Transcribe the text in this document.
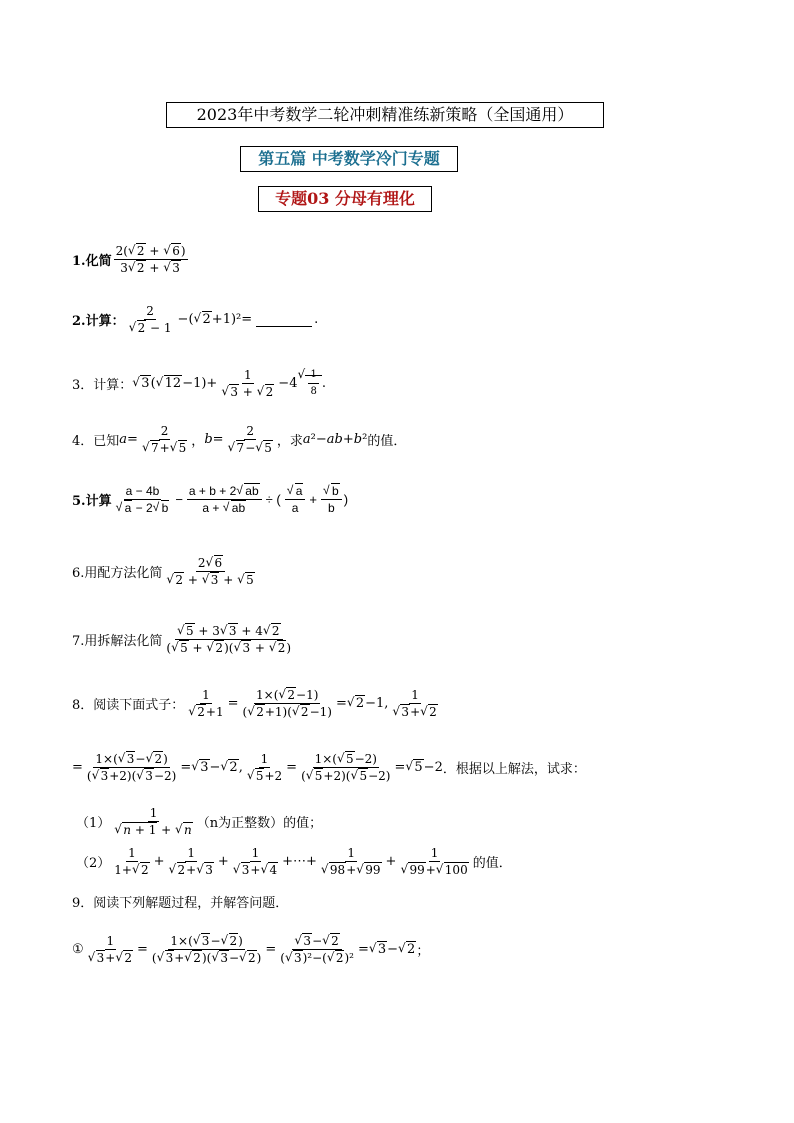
2023年中考数学二轮冲刺精准练新策略（全国通用）
第五篇 中考数学冷门专题
专题03 分母有理化
1.化简 $\frac{2( √ 2 + √ 6)}{3 √ 2 + √ 3}$
2.计算： 2
√ 2 − 1 −( √ 2+1)²=	.
3．计算： √ 3 ( √ 12 −1)+ 1
√ 3 + √ 2 −4 √ $\frac{1}{8}$ .
4．已知 a = 2
√ 7+ √ 5 ， b = 2
√ 7− √ 5 ，求 a²−ab+b² 的值．
5.计算 a − 4b
√ a − 2 √ $b - \frac{a + b + 2 √ ab}{a + √ ab}$ ÷ ( √ $\frac{a}{a}$ + √ $\frac{b}{b}$ )
6.用配方法化简 2 √ 6
√ 2 + √ 3 + √ 5
7.用拆解法化简 √ $\frac{5 + 3 √ 3 + 4 √ 2}{( √ 5 + √ 2)( √ 3 + √ 2)}$
8．阅读下面式子： 1
√ $2+1 = \frac{1\times( √ 2-1)}{( √ 2+1)( √ 2-1)}$ = √ 2 −1, 1
√ 3+ √ 2
= $\frac{1\times( √ 3- √ 2)}{( √ 3+2)( √ 3-2)}$ = √ 3 − √ 2 , 1
√ $5+2 = \frac{1\times( √ 5-2)}{( √ 5+2)( √ 5-2)}$ = √ 5 −2 ．根据以上解法，试求：
（1） 1
√ n + 1 + √ n （n为正整数）的值；
$(2) \frac{1}{1+ √ 2} + 1$
√ 2+ √ 3 + 1
√ 3+ √ 4 +⋯+ 1
√ 98+ √ 99 + 1
√ 99+ √ 100 的值．
9．阅读下列解题过程，并解答问题．
① 1
√ 3+ √ $2 = \frac{1\times( √ 3- √ 2)}{( √ 3+ √ 2)( √ 3- √ 2)}$ = √ $\frac{3- √ 2}{\text{( √ 3)²−( √ 2)²}}$ = √ 3 − √ 2 ；
